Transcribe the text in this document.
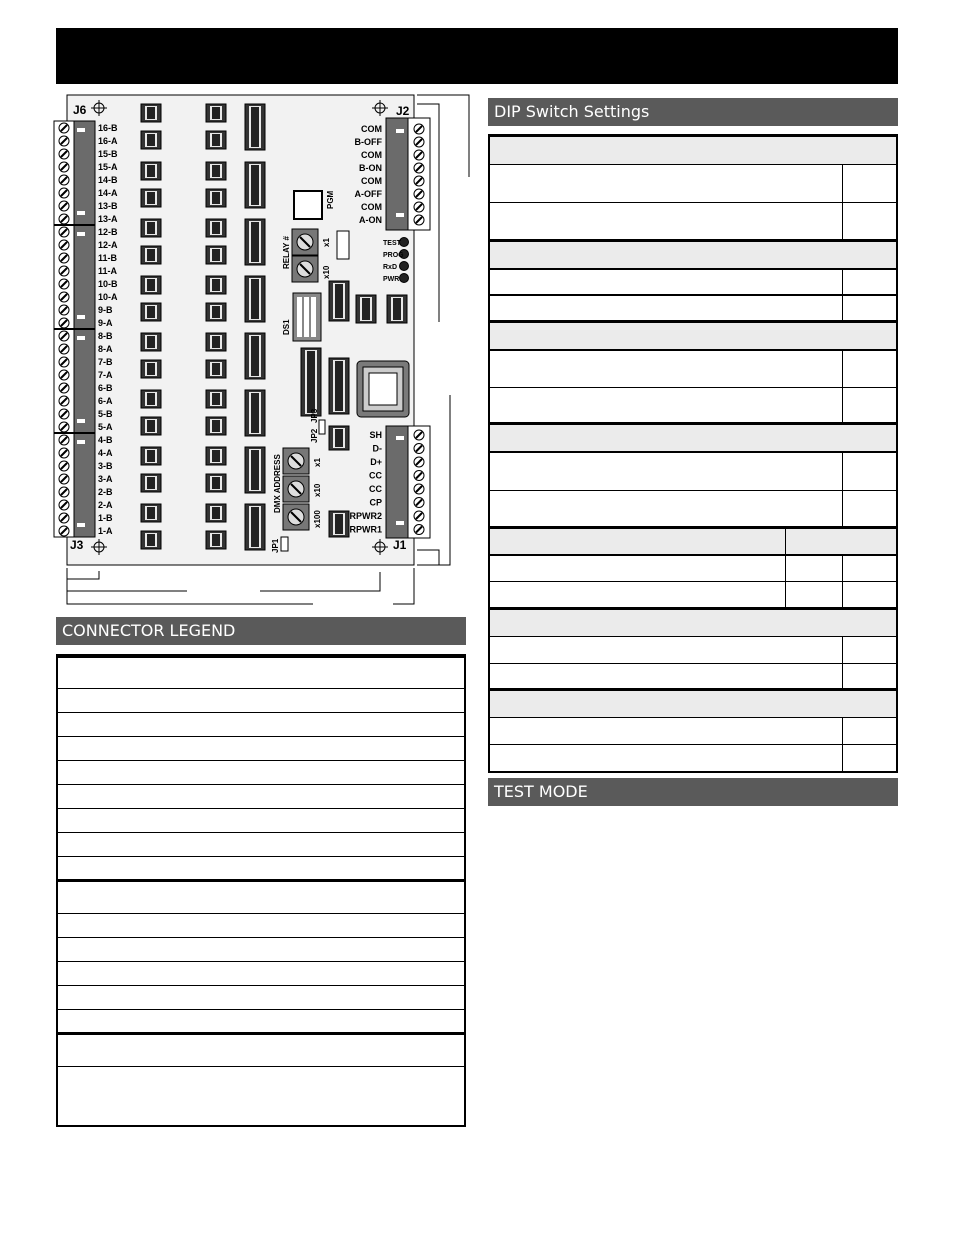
16-B
16-A
15-B
15-A
14-B
14-A
13-B
13-A
12-B
12-A
11-B
11-A
10-B
10-A
9-B
9-A
8-B
8-A
7-B
7-A
6-B
6-A
5-B
5-A
4-B
4-A
3-B
3-A
2-B
2-A
1-B
1-A
J6	J2
J3	J1
COM
B-OFF
COM
B-ON
COM
A-OFF
COM
A-ON
SH
D-
D+
CC
CC
CP
RPWR2
RPWR1
TEST
PROG
RxD
PWR
PGM
RELAY #	x1
x10
DS1
DMX ADDRESS	x1
x10
x100
JP1
JP2
JP3
CONNECTOR LEGEND
DIP Switch Settings
TEST MODE
